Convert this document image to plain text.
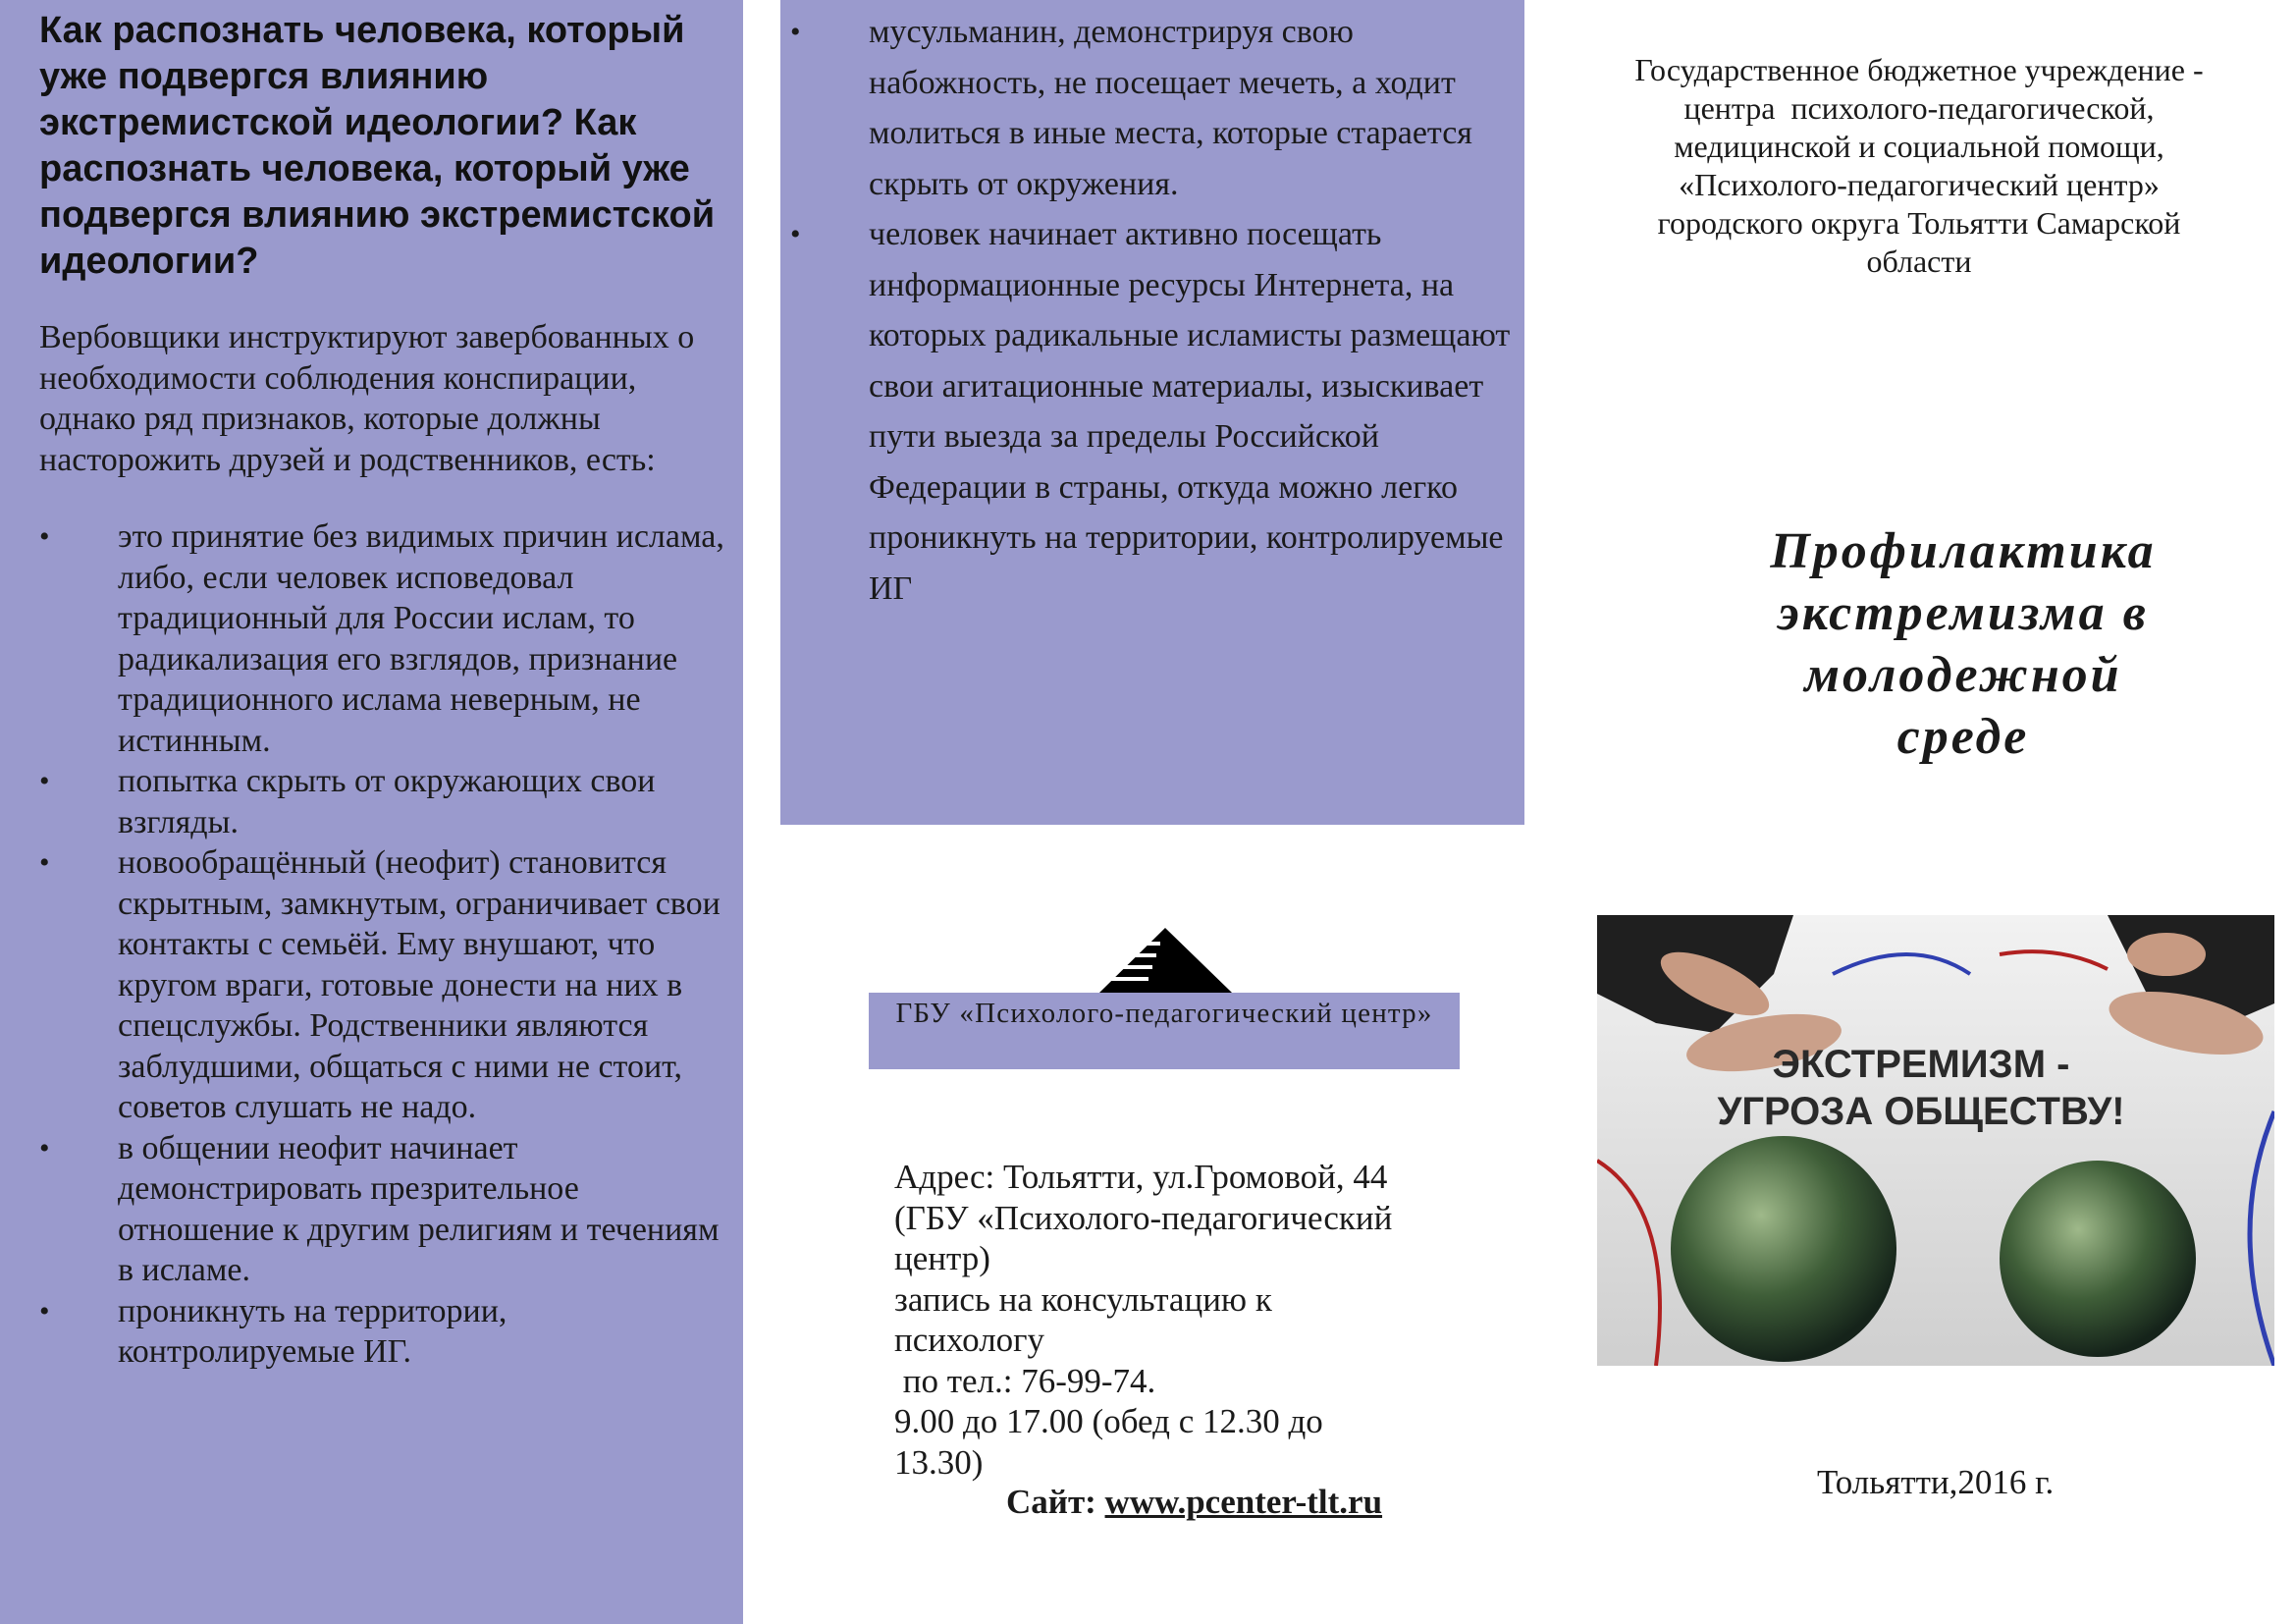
Как распознать человека, который уже подвергся влиянию экстремистской идеологии? Как распознать человека, который уже подвергся влиянию экстремистской идеологии?
Вербовщики инструктируют завербованных о необходимости соблюдения конспирации, однако ряд признаков, которые должны насторожить друзей и родственников, есть:
• это принятие без видимых причин ислама, либо, если человек исповедовал традиционный для России ислам, то радикализация его взглядов, признание традиционного ислама неверным, не истинным.
• попытка скрыть от окружающих свои взгляды.
• новообращённый (неофит) становится скрытным, замкнутым, ограничивает свои контакты с семьёй. Ему внушают, что кругом враги, готовые донести на них в спецслужбы. Родственники являются заблудшими, общаться с ними не стоит, советов слушать не надо.
• в общении неофит начинает демонстрировать презрительное отношение к другим религиям и течениям в исламе.
• проникнуть на территории, контролируемые ИГ.
• мусульманин, демонстрируя свою набожность, не посещает мечеть, а ходит молиться в иные места, которые старается скрыть от окружения.
• человек начинает активно посещать информационные ресурсы Интернета, на которых радикальные исламисты размещают свои агитационные материалы, изыскивает пути выезда за пределы Российской Федерации в страны, откуда можно легко проникнуть на территории, контролируемые ИГ
ГБУ «Психолого-педагогический центр»
Адрес: Тольятти, ул.Громовой, 44
(ГБУ «Психолого-педагогический
центр)
запись на консультацию к
психологу
по тел.: 76-99-74.
9.00 до 17.00 (обед с 12.30 до
13.30)
Сайт: www.pcenter-tlt.ru
Государственное бюджетное учреждение -
центра  психолого-педагогической,
медицинской и социальной помощи,
«Психолого-педагогический центр»
городского округа Тольятти Самарской
области
Профилактика
экстремизма в
молодежной
среде
ЭКСТРЕМИЗМ -
УГРОЗА ОБЩЕСТВУ!
Тольятти,2016 г.
